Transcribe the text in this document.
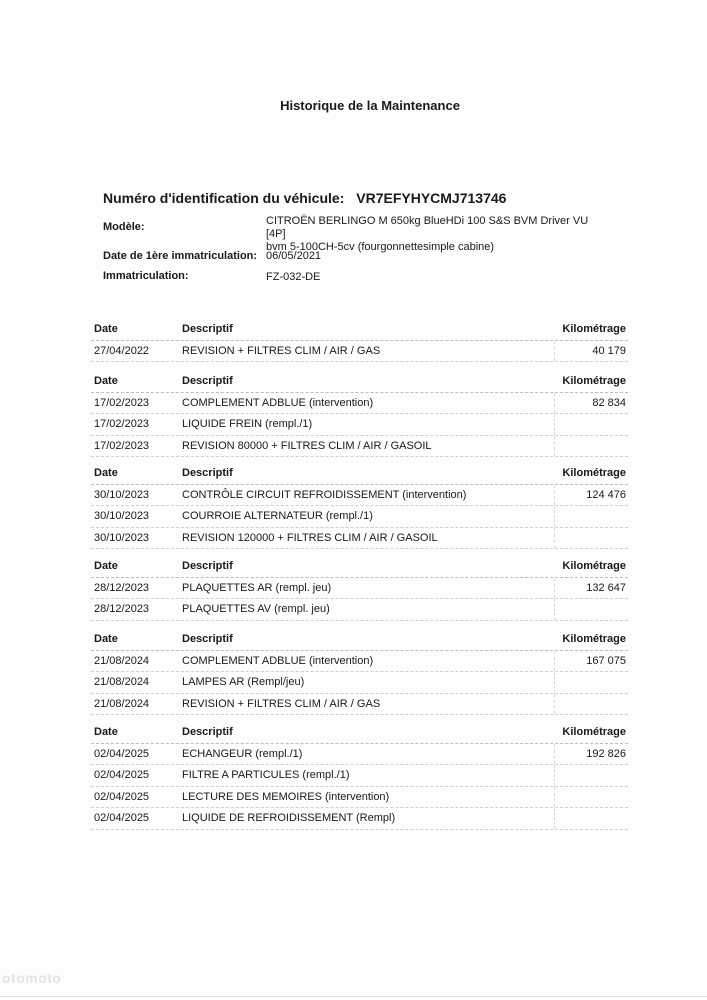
Historique de la Maintenance
Numéro d'identification du véhicule: VR7EFYHYCMJ713746
Modèle:	CITROËN BERLINGO M 650kg BlueHDi 100 S&S BVM Driver VU [4P]
bvm 5-100CH-5cv (fourgonnettesimple cabine)
Date de 1ère immatriculation: 06/05/2021
Immatriculation:	FZ-032-DE
Date	Descriptif	Kilométrage
27/04/2022	REVISION + FILTRES CLIM / AIR / GAS	40 179
Date	Descriptif	Kilométrage
17/02/2023	COMPLEMENT ADBLUE (intervention)	82 834
17/02/2023	LIQUIDE FREIN (rempl./1)
17/02/2023	REVISION 80000 + FILTRES CLIM / AIR / GASOIL
Date	Descriptif	Kilométrage
30/10/2023	CONTRÔLE CIRCUIT REFROIDISSEMENT (intervention)	124 476
30/10/2023	COURROIE ALTERNATEUR (rempl./1)
30/10/2023	REVISION 120000 + FILTRES CLIM / AIR / GASOIL
Date	Descriptif	Kilométrage
28/12/2023	PLAQUETTES AR (rempl. jeu)	132 647
28/12/2023	PLAQUETTES AV (rempl. jeu)
Date	Descriptif	Kilométrage
21/08/2024	COMPLEMENT ADBLUE (intervention)	167 075
21/08/2024	LAMPES AR (Rempl/jeu)
21/08/2024	REVISION + FILTRES CLIM / AIR / GAS
Date	Descriptif	Kilométrage
02/04/2025	ECHANGEUR (rempl./1)	192 826
02/04/2025	FILTRE A PARTICULES (rempl./1)
02/04/2025	LECTURE DES MEMOIRES (intervention)
02/04/2025	LIQUIDE DE REFROIDISSEMENT (Rempl)
otomoto
